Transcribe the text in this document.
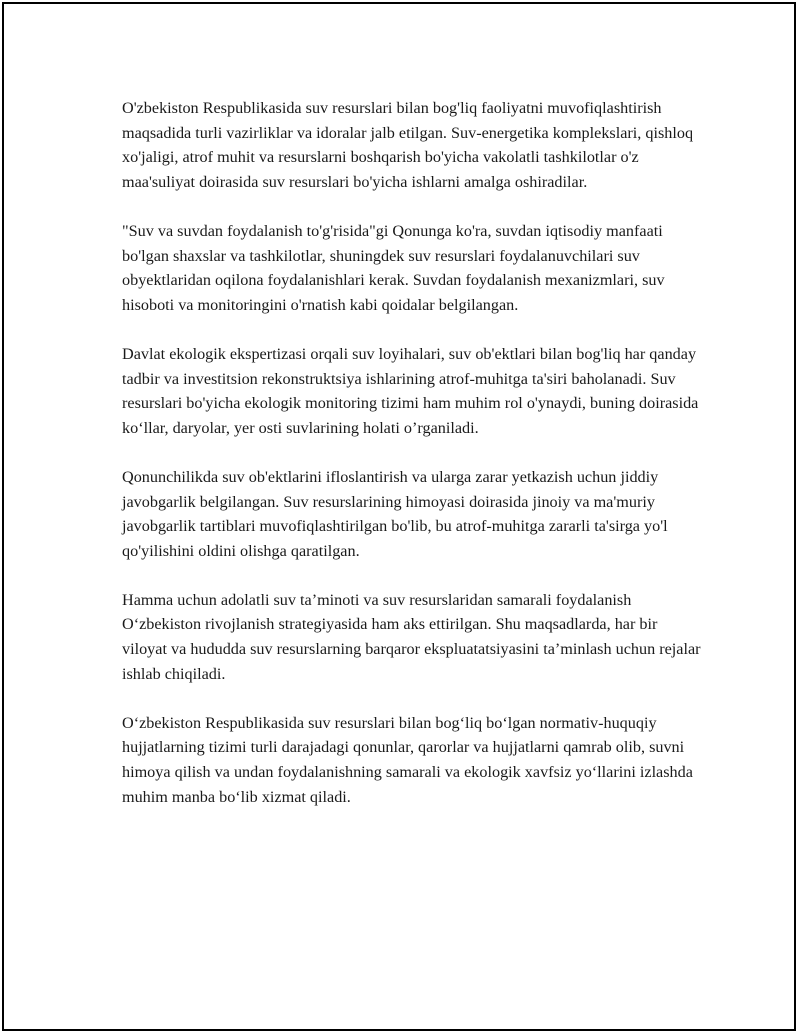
O'zbekiston Respublikasida suv resurslari bilan bog'liq faoliyatni muvofiqlashtirish maqsadida turli vazirliklar va idoralar jalb etilgan. Suv-energetika komplekslari, qishloq xo'jaligi, atrof muhit va resurslarni boshqarish bo'yicha vakolatli tashkilotlar o'z maa'suliyat doirasida suv resurslari bo'yicha ishlarni amalga oshiradilar.

"Suv va suvdan foydalanish to'g'risida"gi Qonunga ko'ra, suvdan iqtisodiy manfaati bo'lgan shaxslar va tashkilotlar, shuningdek suv resurslari foydalanuvchilari suv obyektlaridan oqilona foydalanishlari kerak. Suvdan foydalanish mexanizmlari, suv hisoboti va monitoringini o'rnatish kabi qoidalar belgilangan.

Davlat ekologik ekspertizasi orqali suv loyihalari, suv ob'ektlari bilan bog'liq har qanday tadbir va investitsion rekonstruktsiya ishlarining atrof-muhitga ta'siri baholanadi. Suv resurslari bo'yicha ekologik monitoring tizimi ham muhim rol o'ynaydi, buning doirasida ko‘llar, daryolar, yer osti suvlarining holati o’rganiladi.

Qonunchilikda suv ob'ektlarini ifloslantirish va ularga zarar yetkazish uchun jiddiy javobgarlik belgilangan. Suv resurslarining himoyasi doirasida jinoiy va ma'muriy javobgarlik tartiblari muvofiqlashtirilgan bo'lib, bu atrof-muhitga zararli ta'sirga yo'l qo'yilishini oldini olishga qaratilgan.

Hamma uchun adolatli suv ta’minoti va suv resurslaridan samarali foydalanish O‘zbekiston rivojlanish strategiyasida ham aks ettirilgan. Shu maqsadlarda, har bir viloyat va hududda suv resurslarning barqaror ekspluatatsiyasini ta’minlash uchun rejalar ishlab chiqiladi.

O‘zbekiston Respublikasida suv resurslari bilan bog‘liq bo‘lgan normativ-huquqiy hujjatlarning tizimi turli darajadagi qonunlar, qarorlar va hujjatlarni qamrab olib, suvni himoya qilish va undan foydalanishning samarali va ekologik xavfsiz yo‘llarini izlashda muhim manba bo‘lib xizmat qiladi.
